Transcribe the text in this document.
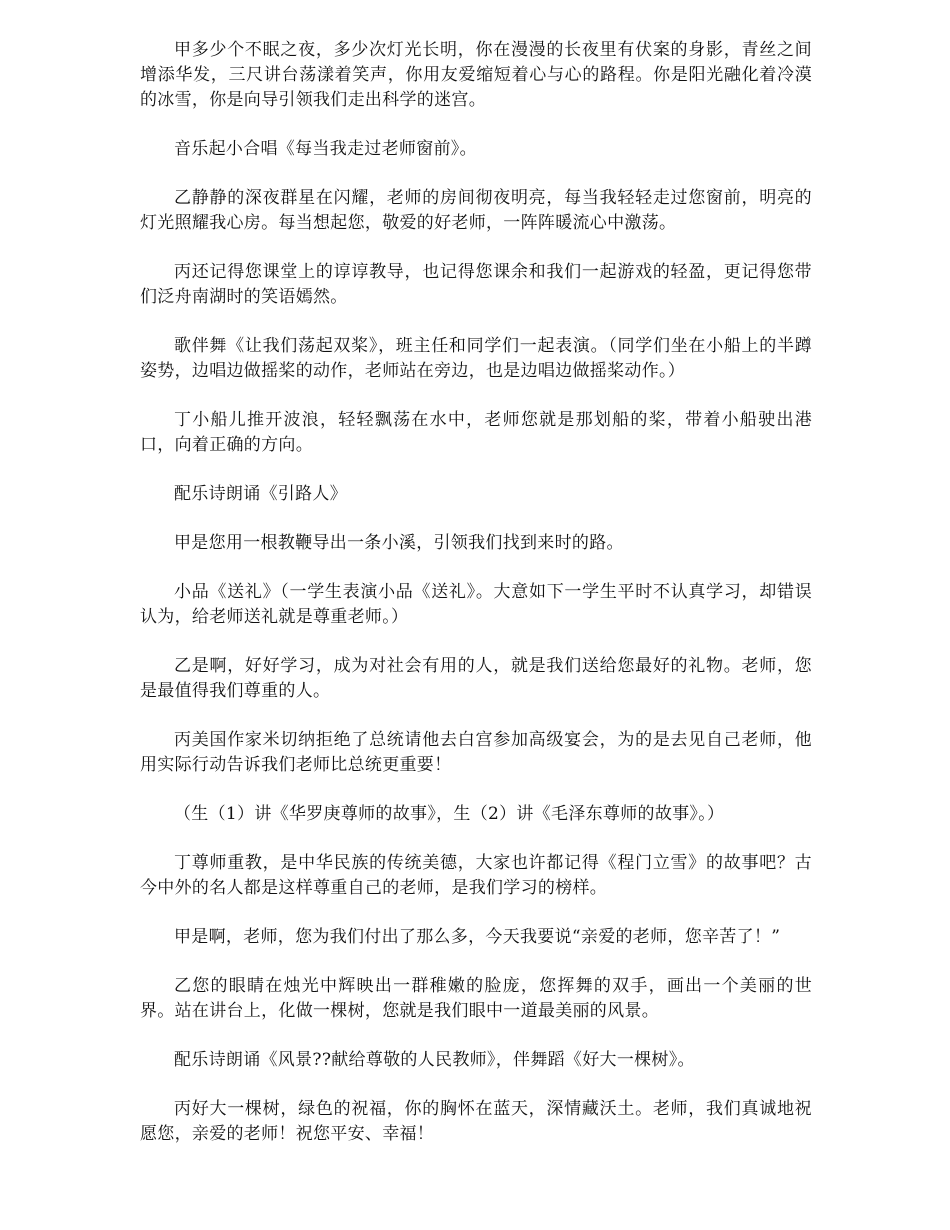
甲多少个不眠之夜，多少次灯光长明，你在漫漫的长夜里有伏案的身影，青丝之间增添华发，三尺讲台荡漾着笑声，你用友爱缩短着心与心的路程。你是阳光融化着冷漠的冰雪，你是向导引领我们走出科学的迷宫。

音乐起小合唱《每当我走过老师窗前》。

乙静静的深夜群星在闪耀，老师的房间彻夜明亮，每当我轻轻走过您窗前，明亮的灯光照耀我心房。每当想起您，敬爱的好老师，一阵阵暖流心中激荡。

丙还记得您课堂上的谆谆教导，也记得您课余和我们一起游戏的轻盈，更记得您带们泛舟南湖时的笑语嫣然。

歌伴舞《让我们荡起双桨》，班主任和同学们一起表演。（同学们坐在小船上的半蹲姿势，边唱边做摇桨的动作，老师站在旁边，也是边唱边做摇桨动作。）

丁小船儿推开波浪，轻轻飘荡在水中，老师您就是那划船的桨，带着小船驶出港口，向着正确的方向。

配乐诗朗诵《引路人》

甲是您用一根教鞭导出一条小溪，引领我们找到来时的路。

小品《送礼》（一学生表演小品《送礼》。大意如下一学生平时不认真学习，却错误认为，给老师送礼就是尊重老师。）

乙是啊，好好学习，成为对社会有用的人，就是我们送给您最好的礼物。老师，您是最值得我们尊重的人。

丙美国作家米切纳拒绝了总统请他去白宫参加高级宴会，为的是去见自己老师，他用实际行动告诉我们老师比总统更重要！

（生（1）讲《华罗庚尊师的故事》，生（2）讲《毛泽东尊师的故事》。）

丁尊师重教，是中华民族的传统美德，大家也许都记得《程门立雪》的故事吧？古今中外的名人都是这样尊重自己的老师，是我们学习的榜样。

甲是啊，老师，您为我们付出了那么多，今天我要说“亲爱的老师，您辛苦了！”

乙您的眼睛在烛光中辉映出一群稚嫩的脸庞，您挥舞的双手，画出一个美丽的世界。站在讲台上，化做一棵树，您就是我们眼中一道最美丽的风景。

配乐诗朗诵《风景??献给尊敬的人民教师》，伴舞蹈《好大一棵树》。

丙好大一棵树，绿色的祝福，你的胸怀在蓝天，深情藏沃土。老师，我们真诚地祝愿您，亲爱的老师！祝您平安、幸福！
